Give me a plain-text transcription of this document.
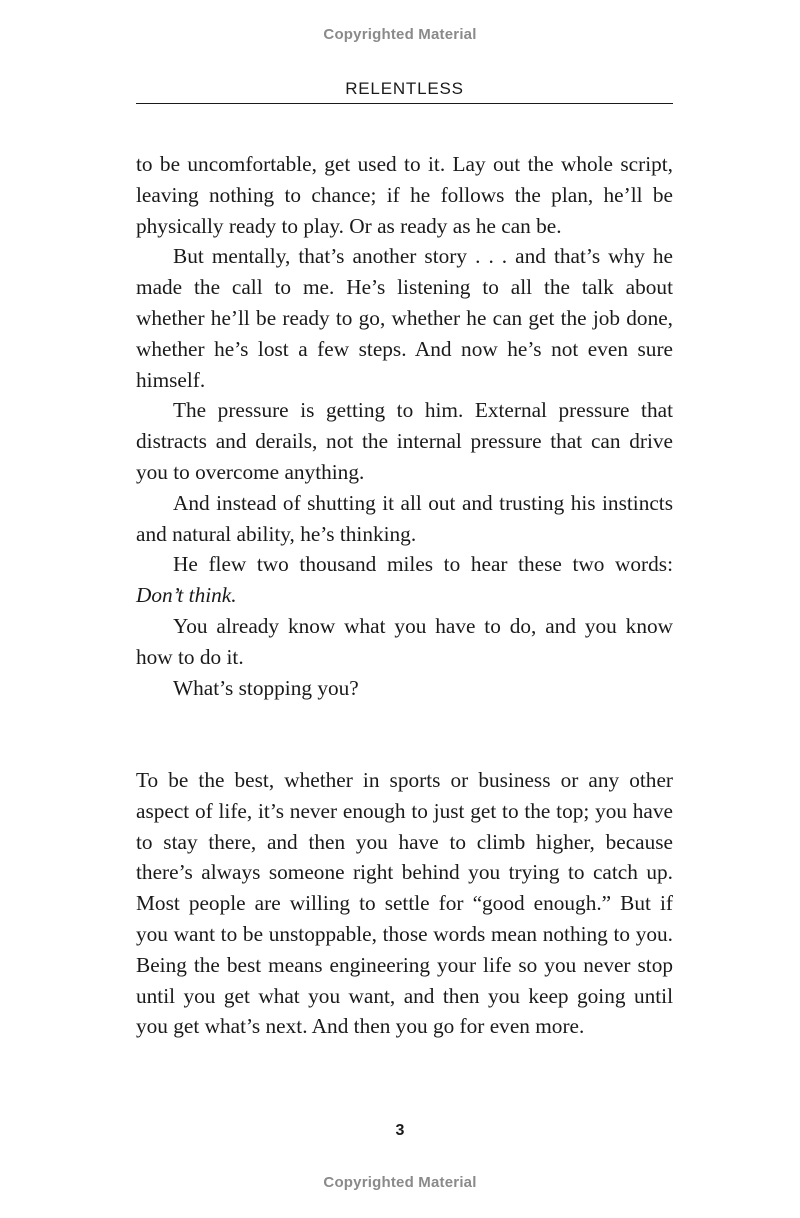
Copyrighted Material
RELENTLESS

to be uncomfortable, get used to it. Lay out the whole script, leaving nothing to chance; if he follows the plan, he’ll be physically ready to play. Or as ready as he can be.

But mentally, that’s another story . . . and that’s why he made the call to me. He’s listening to all the talk about whether he’ll be ready to go, whether he can get the job done, whether he’s lost a few steps. And now he’s not even sure himself.

The pressure is getting to him. External pressure that distracts and derails, not the internal pressure that can drive you to overcome anything.

And instead of shutting it all out and trusting his instincts and natural ability, he’s thinking.

He flew two thousand miles to hear these two words: Don’t think.

You already know what you have to do, and you know how to do it.

What’s stopping you?

To be the best, whether in sports or business or any other aspect of life, it’s never enough to just get to the top; you have to stay there, and then you have to climb higher, because there’s always someone right behind you trying to catch up. Most people are willing to settle for “good enough.” But if you want to be unstoppable, those words mean nothing to you. Being the best means engineering your life so you never stop until you get what you want, and then you keep going until you get what’s next. And then you go for even more.

3
Copyrighted Material
